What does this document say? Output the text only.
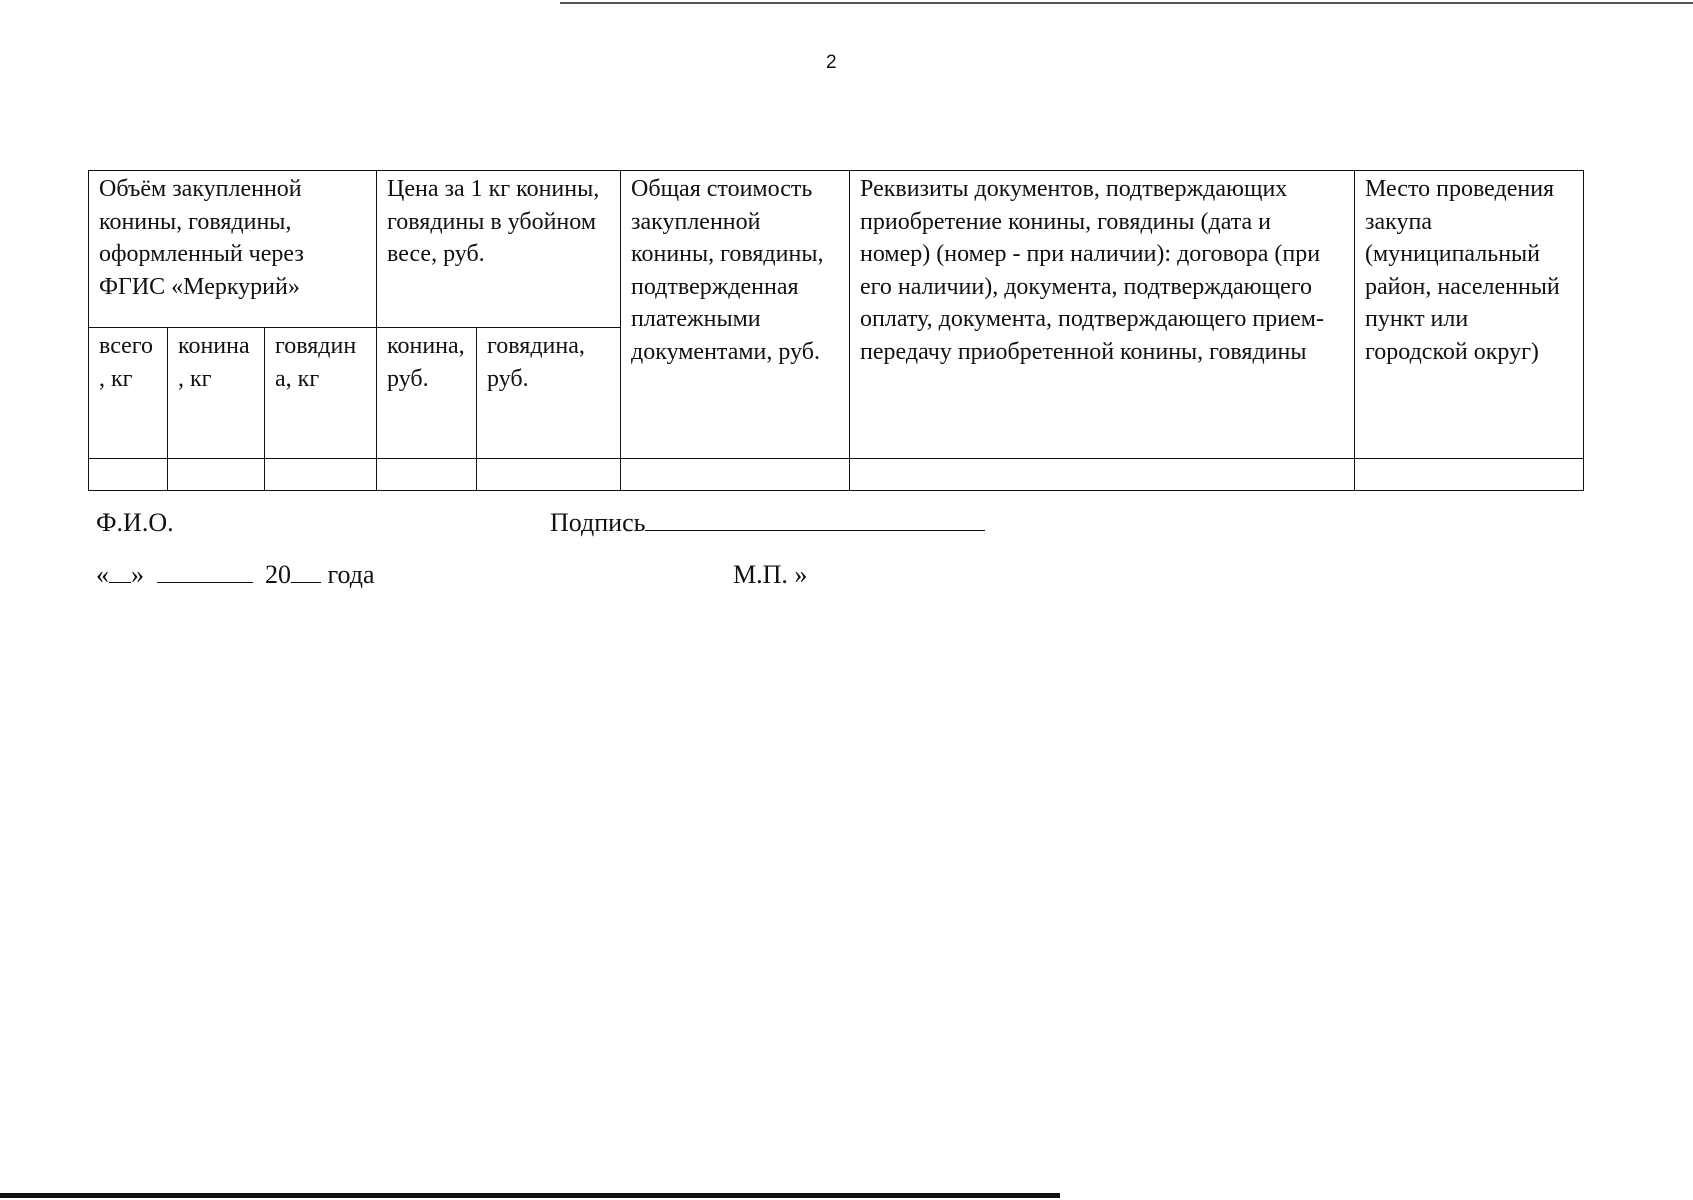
2
Объём закупленной конины, говядины, оформленный через ФГИС «Меркурий»			Цена за 1 кг конины, говядины в убойном весе, руб.		Общая стоимость закупленной конины, говядины, подтвержденная платежными документами, руб.	Реквизиты документов, подтверждающих приобретение конины, говядины (дата и номер) (номер - при наличии): договора (при его наличии), документа, подтверждающего оплату, документа, подтверждающего прием-передачу приобретенной конины, говядины	Место проведения закупа (муниципальный район, населенный пункт или городской округ)
всего, кг	конина, кг	говядина, кг	конина, руб.	говядина, руб.			

Ф.И.О.	Подпись
« »	20 года	М.П. »
